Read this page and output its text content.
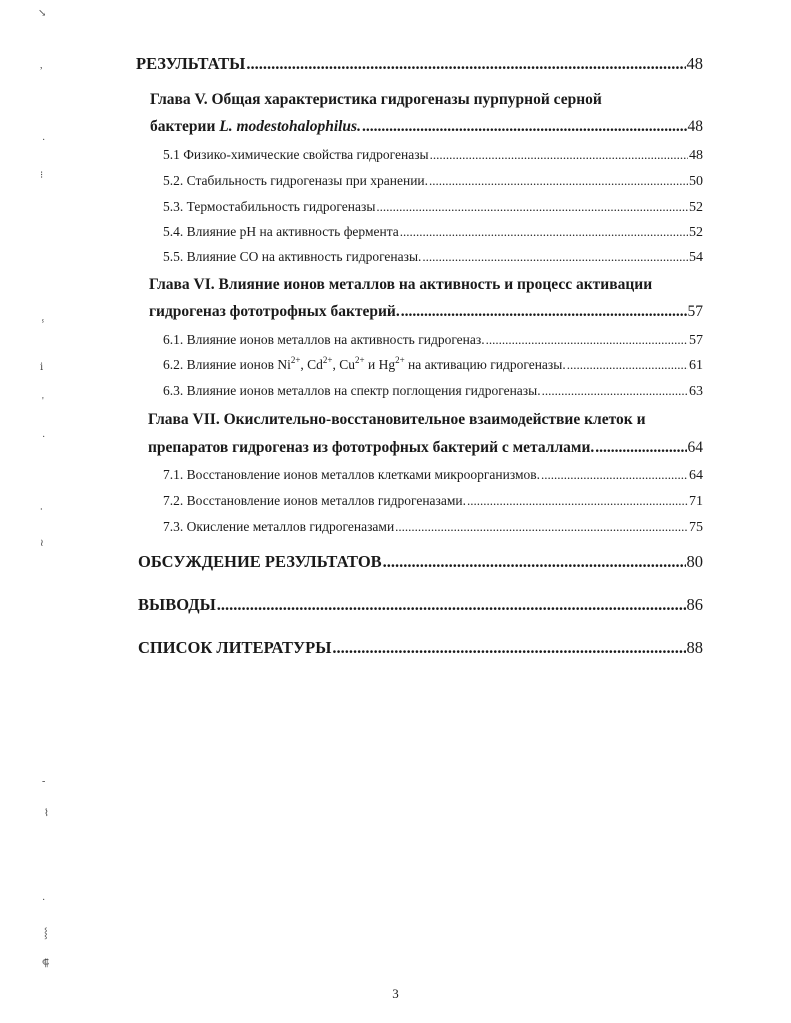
РЕЗУЛЬТАТЫ .....	48
Глава V. Общая характеристика гидрогеназы пурпурной серной
бактерии L. modestohalophilus. .....	48
5.1 Физико-химические свойства гидрогеназы .....	48
5.2. Стабильность гидрогеназы при хранении. .....	50
5.3. Термостабильность гидрогеназы .....	52
5.4. Влияние pH на активность фермента .....	52
5.5. Влияние CO на активность гидрогеназы. .....	54
Глава VI. Влияние ионов металлов на активность и процесс активации
гидрогеназ фототрофных бактерий. .....	57
6.1. Влияние ионов металлов на активность гидрогеназ. .....	57
6.2. Влияние ионов $Ni^{2+}$, $Cd^{2+}$, $Cu^{2+}$ и $Hg^{2+}$ на активацию гидрогеназы. .....	61
6.3. Влияние ионов металлов на спектр поглощения гидрогеназы. .....	63
Глава VII. Окислительно-восстановительное взаимодействие клеток и
препаратов гидрогеназ из фототрофных бактерий с металлами. .....	64
7.1. Восстановление ионов металлов клетками микроорганизмов. .....	64
7.2. Восстановление ионов металлов гидрогеназами. .....	71
7.3. Окисление металлов гидрогеназами .....	75
ОБСУЖДЕНИЕ РЕЗУЛЬТАТОВ .....	80
ВЫВОДЫ .....	86
СПИСОК ЛИТЕРАТУРЫ .....	88
3
↘
,
·
⁝
ⸯ
ⅰ
'
·
⸳
≀
-
⌇
·
⸾
⸿
